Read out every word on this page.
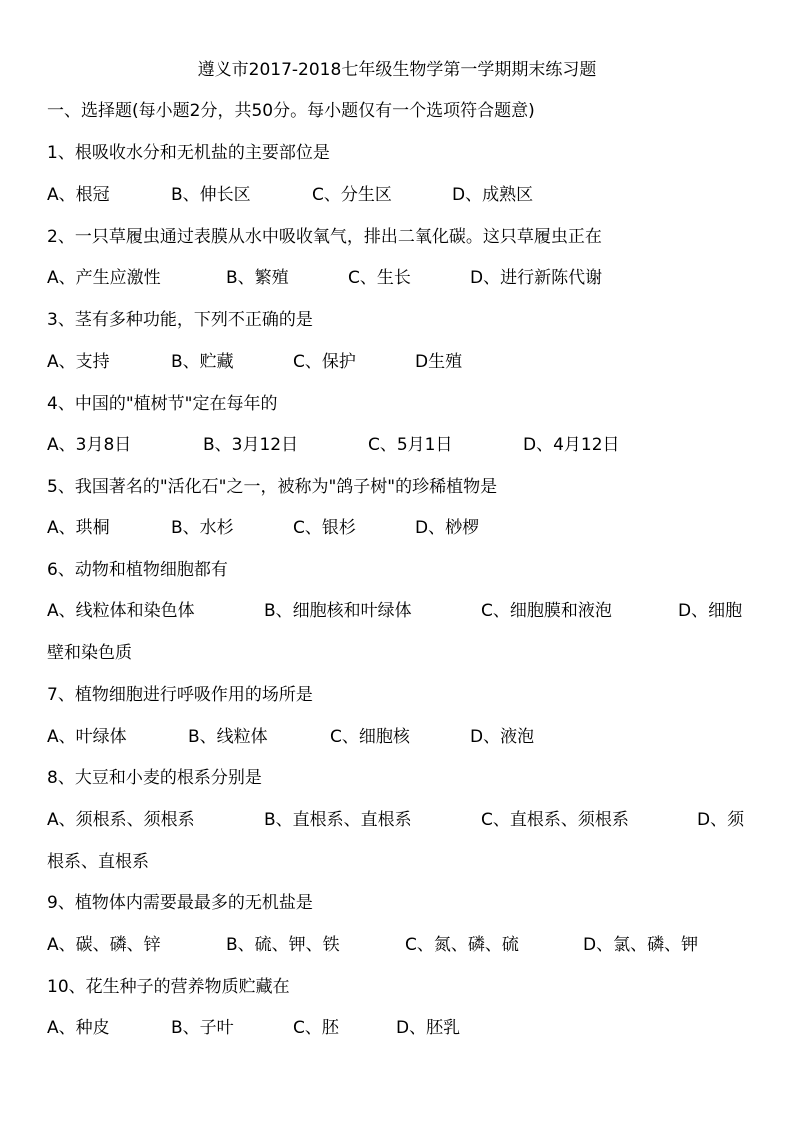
遵义市2017-2018七年级生物学第一学期期末练习题
一、选择题(每小题2分，共50分。每小题仅有一个选项符合题意)
1、根吸收水分和无机盐的主要部位是
A、根冠	B、伸长区	C、分生区	D、成熟区
2、一只草履虫通过表膜从水中吸收氧气，排出二氧化碳。这只草履虫正在
A、产生应激性	B、繁殖	C、生长	D、进行新陈代谢
3、茎有多种功能，下列不正确的是
A、支持	B、贮藏	C、保护	D生殖
4、中国的"植树节"定在每年的
A、3月8日	B、3月12日	C、5月1日	D、4月12日
5、我国著名的"活化石"之一，被称为"鸽子树"的珍稀植物是
A、珙桐	B、水杉	C、银杉	D、桫椤
6、动物和植物细胞都有
A、线粒体和染色体	B、细胞核和叶绿体	C、细胞膜和液泡	D、细胞
壁和染色质
7、植物细胞进行呼吸作用的场所是
A、叶绿体	B、线粒体	C、细胞核	D、液泡
8、大豆和小麦的根系分别是
A、须根系、须根系	B、直根系、直根系	C、直根系、须根系	D、须
根系、直根系
9、植物体内需要最最多的无机盐是
A、碳、磷、锌	B、硫、钾、铁	C、氮、磷、硫	D、氯、磷、钾
10、花生种子的营养物质贮藏在
A、种皮	B、子叶	C、胚	D、胚乳
